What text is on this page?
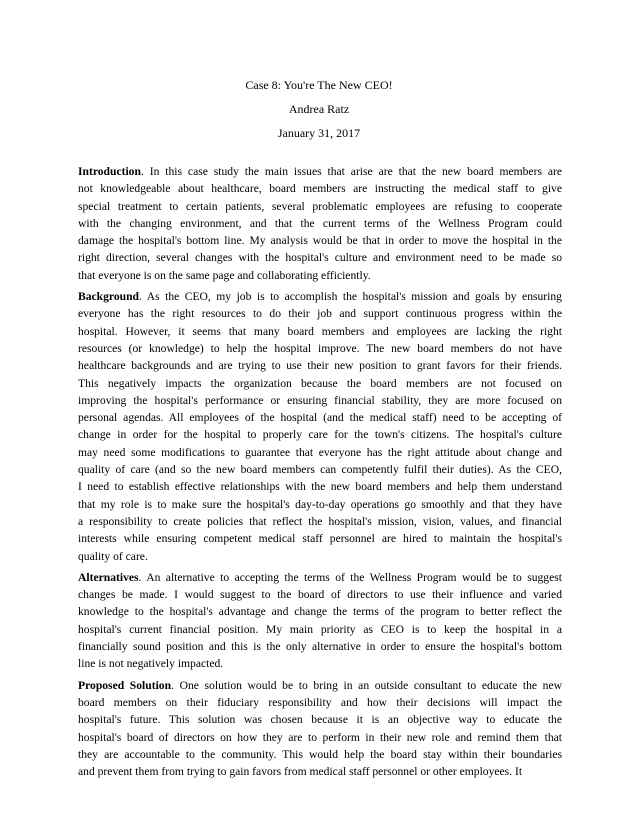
Case 8: You're The New CEO!
Andrea Ratz
January 31, 2017
Introduction. In this case study the main issues that arise are that the new board members are
not knowledgeable about healthcare, board members are instructing the medical staff to give
special treatment to certain patients, several problematic employees are refusing to cooperate
with the changing environment, and that the current terms of the Wellness Program could
damage the hospital's bottom line. My analysis would be that in order to move the hospital in the
right direction, several changes with the hospital's culture and environment need to be made so
that everyone is on the same page and collaborating efficiently.
Background. As the CEO, my job is to accomplish the hospital's mission and goals by ensuring
everyone has the right resources to do their job and support continuous progress within the
hospital. However, it seems that many board members and employees are lacking the right
resources (or knowledge) to help the hospital improve. The new board members do not have
healthcare backgrounds and are trying to use their new position to grant favors for their friends.
This negatively impacts the organization because the board members are not focused on
improving the hospital's performance or ensuring financial stability, they are more focused on
personal agendas. All employees of the hospital (and the medical staff) need to be accepting of
change in order for the hospital to properly care for the town's citizens. The hospital's culture
may need some modifications to guarantee that everyone has the right attitude about change and
quality of care (and so the new board members can competently fulfil their duties). As the CEO,
I need to establish effective relationships with the new board members and help them understand
that my role is to make sure the hospital's day-to-day operations go smoothly and that they have
a responsibility to create policies that reflect the hospital's mission, vision, values, and financial
interests while ensuring competent medical staff personnel are hired to maintain the hospital's
quality of care.
Alternatives. An alternative to accepting the terms of the Wellness Program would be to suggest
changes be made. I would suggest to the board of directors to use their influence and varied
knowledge to the hospital's advantage and change the terms of the program to better reflect the
hospital's current financial position. My main priority as CEO is to keep the hospital in a
financially sound position and this is the only alternative in order to ensure the hospital's bottom
line is not negatively impacted.
Proposed Solution. One solution would be to bring in an outside consultant to educate the new
board members on their fiduciary responsibility and how their decisions will impact the
hospital's future. This solution was chosen because it is an objective way to educate the
hospital's board of directors on how they are to perform in their new role and remind them that
they are accountable to the community. This would help the board stay within their boundaries
and prevent them from trying to gain favors from medical staff personnel or other employees. It
